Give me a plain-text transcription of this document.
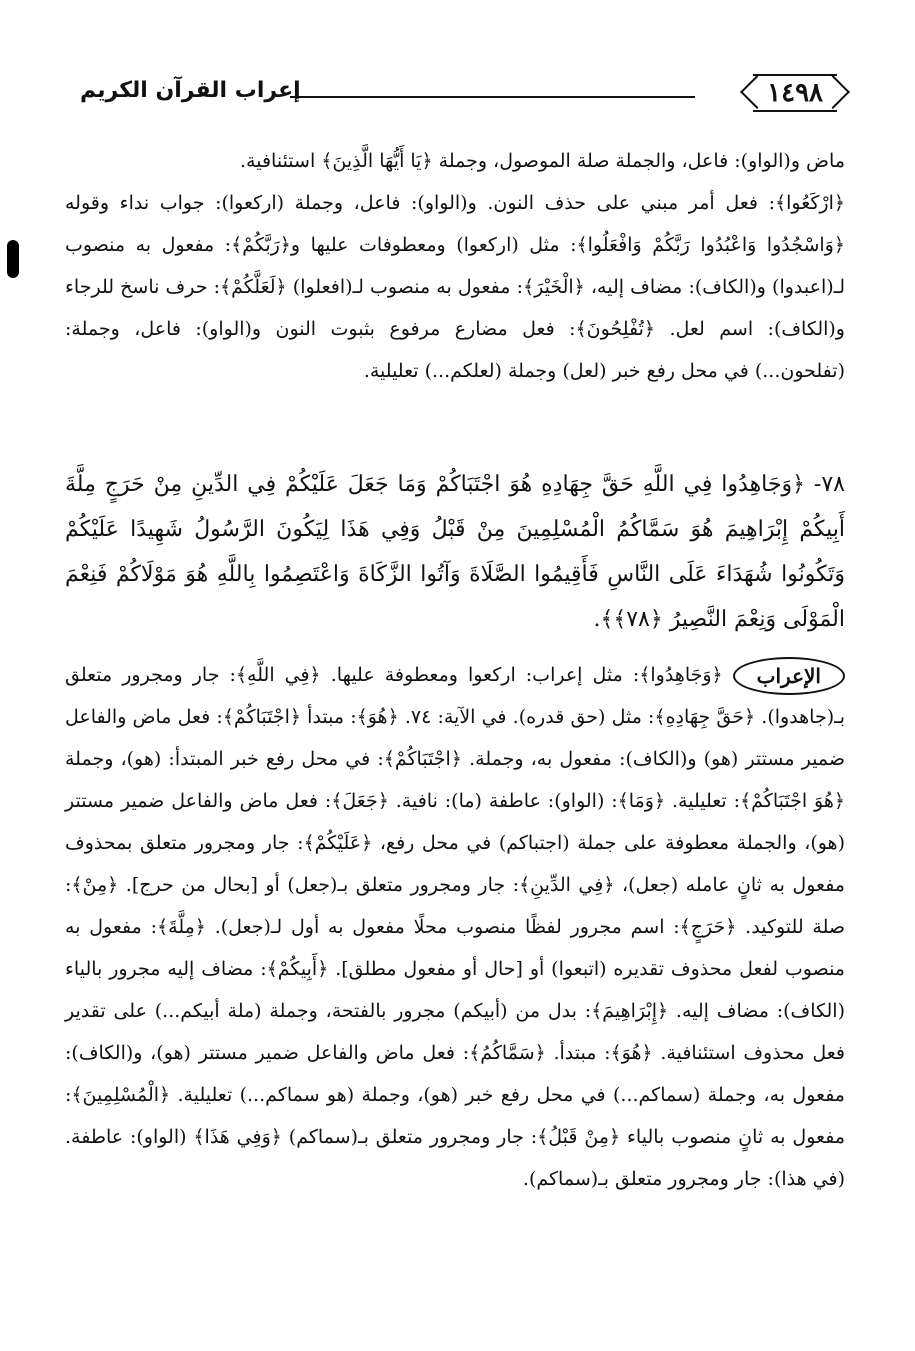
١٤٩٨
إعراب القرآن الكريم

ماض و(الواو): فاعل، والجملة صلة الموصول، وجملة ﴿يَا أَيُّهَا الَّذِينَ﴾ استئنافية.

﴿ارْكَعُوا﴾: فعل أمر مبني على حذف النون. و(الواو): فاعل، وجملة (اركعوا): جواب نداء وقوله ﴿وَاسْجُدُوا وَاعْبُدُوا رَبَّكُمْ وَافْعَلُوا﴾: مثل (اركعوا) ومعطوفات عليها و﴿رَبَّكُمْ﴾: مفعول به منصوب لـ(اعبدوا) و(الكاف): مضاف إليه، ﴿الْخَيْرَ﴾: مفعول به منصوب لـ(افعلوا) ﴿لَعَلَّكُمْ﴾: حرف ناسخ للرجاء و(الكاف): اسم لعل. ﴿تُفْلِحُونَ﴾: فعل مضارع مرفوع بثبوت النون و(الواو): فاعل، وجملة: (تفلحون...) في محل رفع خبر (لعل) وجملة (لعلكم...) تعليلية.

٧٨- ﴿وَجَاهِدُوا فِي اللَّهِ حَقَّ جِهَادِهِ هُوَ اجْتَبَاكُمْ وَمَا جَعَلَ عَلَيْكُمْ فِي الدِّينِ مِنْ حَرَجٍ مِلَّةَ أَبِيكُمْ إِبْرَاهِيمَ هُوَ سَمَّاكُمُ الْمُسْلِمِينَ مِنْ قَبْلُ وَفِي هَذَا لِيَكُونَ الرَّسُولُ شَهِيدًا عَلَيْكُمْ وَتَكُونُوا شُهَدَاءَ عَلَى النَّاسِ فَأَقِيمُوا الصَّلَاةَ وَآتُوا الزَّكَاةَ وَاعْتَصِمُوا بِاللَّهِ هُوَ مَوْلَاكُمْ فَنِعْمَ الْمَوْلَى وَنِعْمَ النَّصِيرُ ﴿٧٨﴾﴾.

الإعراب

﴿وَجَاهِدُوا﴾: مثل إعراب: اركعوا ومعطوفة عليها. ﴿فِي اللَّهِ﴾: جار ومجرور متعلق بـ(جاهدوا). ﴿حَقَّ جِهَادِهِ﴾: مثل (حق قدره). في الآية: ٧٤. ﴿هُوَ﴾: مبتدأ ﴿اجْتَبَاكُمْ﴾: فعل ماض والفاعل ضمير مستتر (هو) و(الكاف): مفعول به، وجملة. ﴿اجْتَبَاكُمْ﴾: في محل رفع خبر المبتدأ: (هو)، وجملة ﴿هُوَ اجْتَبَاكُمْ﴾: تعليلية. ﴿وَمَا﴾: (الواو): عاطفة (ما): نافية. ﴿جَعَلَ﴾: فعل ماض والفاعل ضمير مستتر (هو)، والجملة معطوفة على جملة (اجتباكم) في محل رفع، ﴿عَلَيْكُمْ﴾: جار ومجرور متعلق بمحذوف مفعول به ثانٍ عامله (جعل)، ﴿فِي الدِّينِ﴾: جار ومجرور متعلق بـ(جعل) أو [بحال من حرج]. ﴿مِنْ﴾: صلة للتوكيد. ﴿حَرَجٍ﴾: اسم مجرور لفظًا منصوب محلًا مفعول به أول لـ(جعل). ﴿مِلَّةَ﴾: مفعول به منصوب لفعل محذوف تقديره (اتبعوا) أو [حال أو مفعول مطلق]. ﴿أَبِيكُمْ﴾: مضاف إليه مجرور بالياء (الكاف): مضاف إليه. ﴿إِبْرَاهِيمَ﴾: بدل من (أبيكم) مجرور بالفتحة، وجملة (ملة أبيكم...) على تقدير فعل محذوف استئنافية. ﴿هُوَ﴾: مبتدأ. ﴿سَمَّاكُمُ﴾: فعل ماض والفاعل ضمير مستتر (هو)، و(الكاف): مفعول به، وجملة (سماكم...) في محل رفع خبر (هو)، وجملة (هو سماكم...) تعليلية. ﴿الْمُسْلِمِينَ﴾: مفعول به ثانٍ منصوب بالياء ﴿مِنْ قَبْلُ﴾: جار ومجرور متعلق بـ(سماكم) ﴿وَفِي هَذَا﴾ (الواو): عاطفة. (في هذا): جار ومجرور متعلق بـ(سماكم).
